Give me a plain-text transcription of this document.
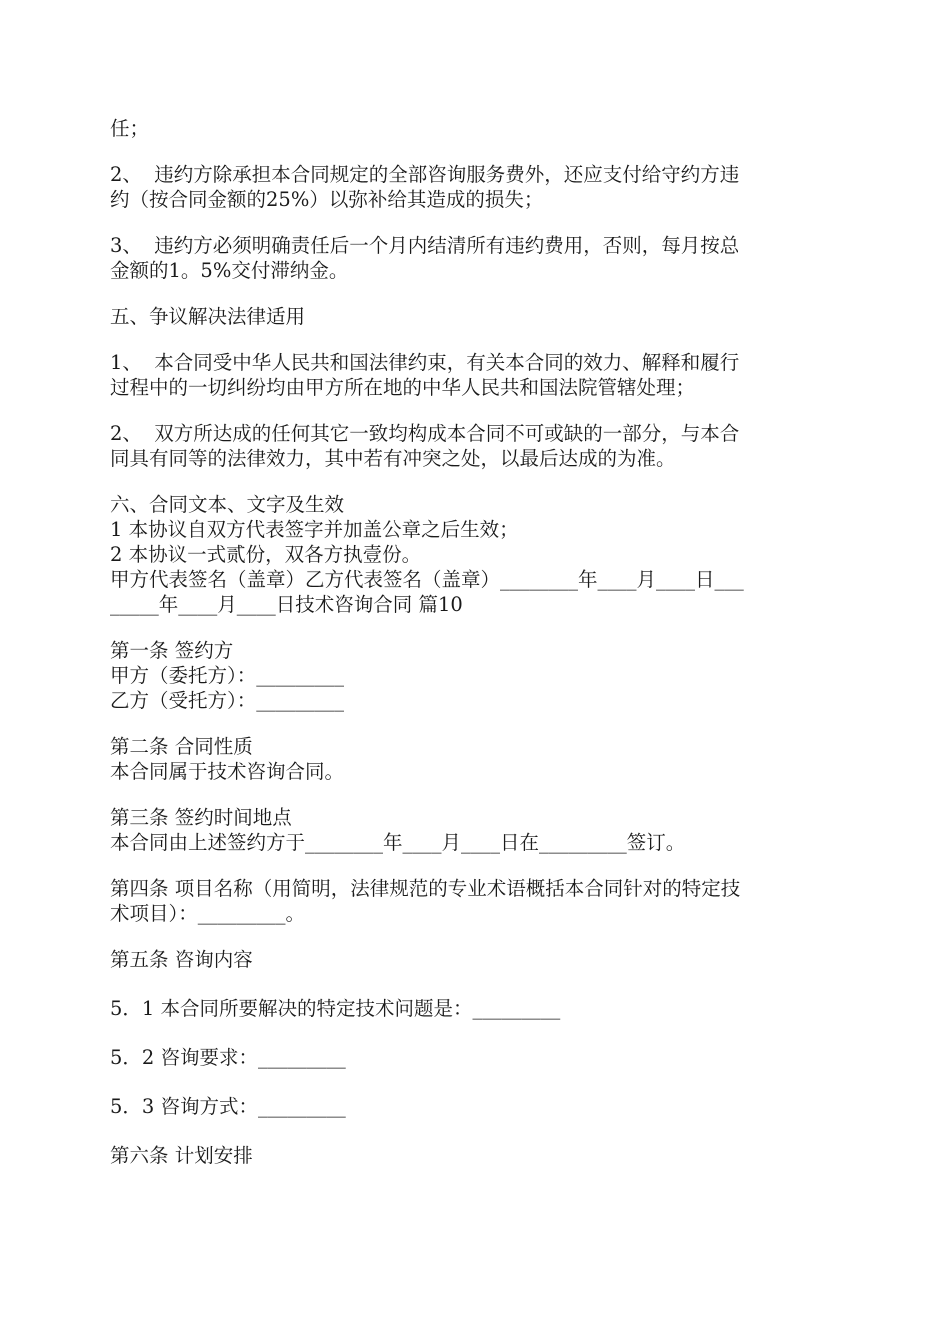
任；
2、  违约方除承担本合同规定的全部咨询服务费外，还应支付给守约方违
约（按合同金额的25%）以弥补给其造成的损失；
3、  违约方必须明确责任后一个月内结清所有违约费用，否则，每月按总
金额的1。5%交付滞纳金。
五、争议解决法律适用
1、  本合同受中华人民共和国法律约束，有关本合同的效力、解释和履行
过程中的一切纠纷均由甲方所在地的中华人民共和国法院管辖处理；
2、  双方所达成的任何其它一致均构成本合同不可或缺的一部分，与本合
同具有同等的法律效力，其中若有冲突之处，以最后达成的为准。
六、合同文本、文字及生效
1 本协议自双方代表签字并加盖公章之后生效；
2 本协议一式贰份，双各方执壹份。
甲方代表签名（盖章）乙方代表签名（盖章）________年____月____日___
_____年____月____日技术咨询合同 篇10
第一条 签约方
甲方（委托方）：_________
乙方（受托方）：_________
第二条 合同性质
本合同属于技术咨询合同。
第三条 签约时间地点
本合同由上述签约方于________年____月____日在_________签订。
第四条 项目名称（用简明，法律规范的专业术语概括本合同针对的特定技
术项目）：_________。
第五条 咨询内容
5．1 本合同所要解决的特定技术问题是：_________
5．2 咨询要求：_________
5．3 咨询方式：_________
第六条 计划安排
